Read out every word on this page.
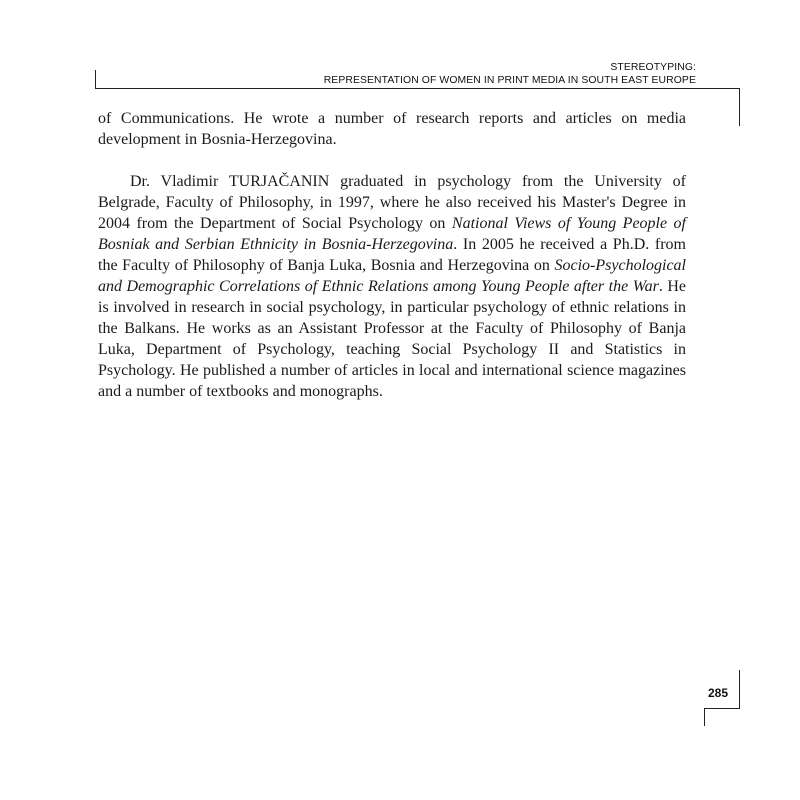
STEREOTYPING:
REPRESENTATION OF WOMEN IN PRINT MEDIA IN SOUTH EAST EUROPE

of Communications. He wrote a number of research reports and articles on media development in Bosnia-Herzegovina.

Dr. Vladimir TURJAČANIN graduated in psychology from the University of Belgrade, Faculty of Philosophy, in 1997, where he also received his Master's Degree in 2004 from the Department of Social Psychology on National Views of Young People of Bosniak and Serbian Ethnicity in Bosnia-Herzegovina. In 2005 he received a Ph.D. from the Faculty of Philosophy of Banja Luka, Bosnia and Herzegovina on Socio-Psychological and Demographic Correlations of Ethnic Relations among Young People after the War. He is involved in research in social psychology, in particular psychology of ethnic relations in the Balkans. He works as an Assistant Professor at the Faculty of Philosophy of Banja Luka, Department of Psychology, teaching Social Psychology II and Statistics in Psychology. He published a number of articles in local and international science magazines and a number of textbooks and monographs.

285
